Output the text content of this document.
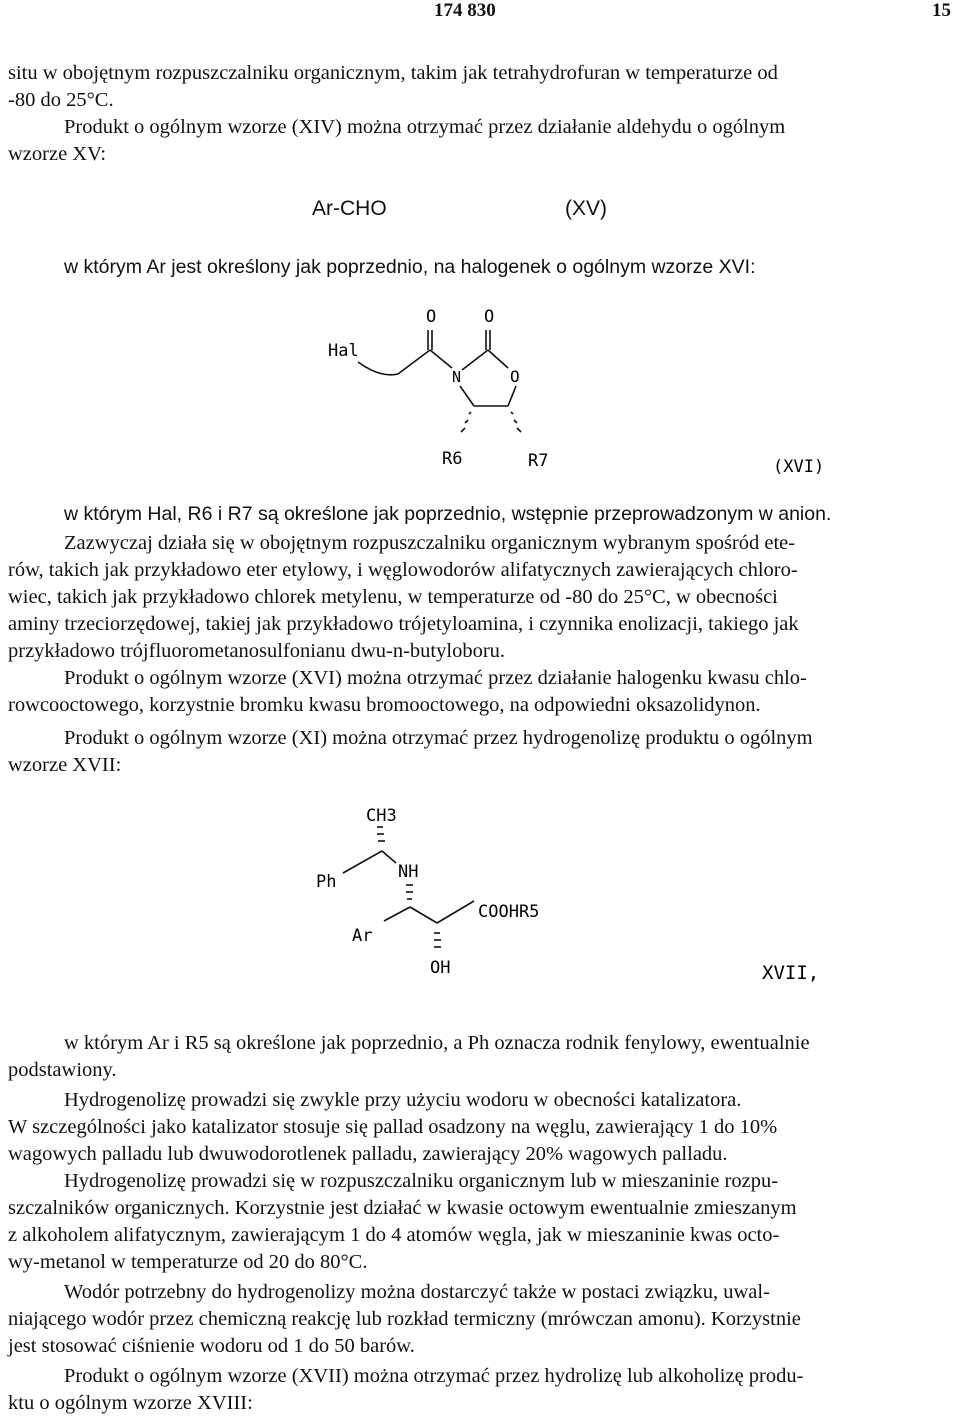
174 830	15
situ w obojętnym rozpuszczalniku organicznym, takim jak tetrahydrofuran w temperaturze od
-80 do 25°C.
Produkt o ogólnym wzorze (XIV) można otrzymać przez działanie aldehydu o ogólnym
wzorze XV:
Ar-CHO	(XV)
w którym Ar jest określony jak poprzednio, na halogenek o ogólnym wzorze XVI:
Hal
O	O
N	O
R6	R7	(XVI)
w którym Hal, R6 i R7 są określone jak poprzednio, wstępnie przeprowadzonym w anion.
Zazwyczaj działa się w obojętnym rozpuszczalniku organicznym wybranym spośród ete-
rów, takich jak przykładowo eter etylowy, i węglowodorów alifatycznych zawierających chloro-
wiec, takich jak przykładowo chlorek metylenu, w temperaturze od -80 do 25°C, w obecności
aminy trzeciorzędowej, takiej jak przykładowo trójetyloamina, i czynnika enolizacji, takiego jak
przykładowo trójfluorometanosulfonianu dwu-n-butyloboru.
Produkt o ogólnym wzorze (XVI) można otrzymać przez działanie halogenku kwasu chlo-
rowcooctowego, korzystnie bromku kwasu bromooctowego, na odpowiedni oksazolidynon.
Produkt o ogólnym wzorze (XI) można otrzymać przez hydrogenolizę produktu o ogólnym
wzorze XVII:
CH3
Ph	NH
COOHR5
Ar
OH	XVII,
w którym Ar i R5 są określone jak poprzednio, a Ph oznacza rodnik fenylowy, ewentualnie
podstawiony.
Hydrogenolizę prowadzi się zwykle przy użyciu wodoru w obecności katalizatora.
W szczególności jako katalizator stosuje się pallad osadzony na węglu, zawierający 1 do 10%
wagowych palladu lub dwuwodorotlenek palladu, zawierający 20% wagowych palladu.
Hydrogenolizę prowadzi się w rozpuszczalniku organicznym lub w mieszaninie rozpu-
szczalników organicznych. Korzystnie jest działać w kwasie octowym ewentualnie zmieszanym
z alkoholem alifatycznym, zawierającym 1 do 4 atomów węgla, jak w mieszaninie kwas octo-
wy-metanol w temperaturze od 20 do 80°C.
Wodór potrzebny do hydrogenolizy można dostarczyć także w postaci związku, uwal-
niającego wodór przez chemiczną reakcję lub rozkład termiczny (mrówczan amonu). Korzystnie
jest stosować ciśnienie wodoru od 1 do 50 barów.
Produkt o ogólnym wzorze (XVII) można otrzymać przez hydrolizę lub alkoholizę produ-
ktu o ogólnym wzorze XVIII:
